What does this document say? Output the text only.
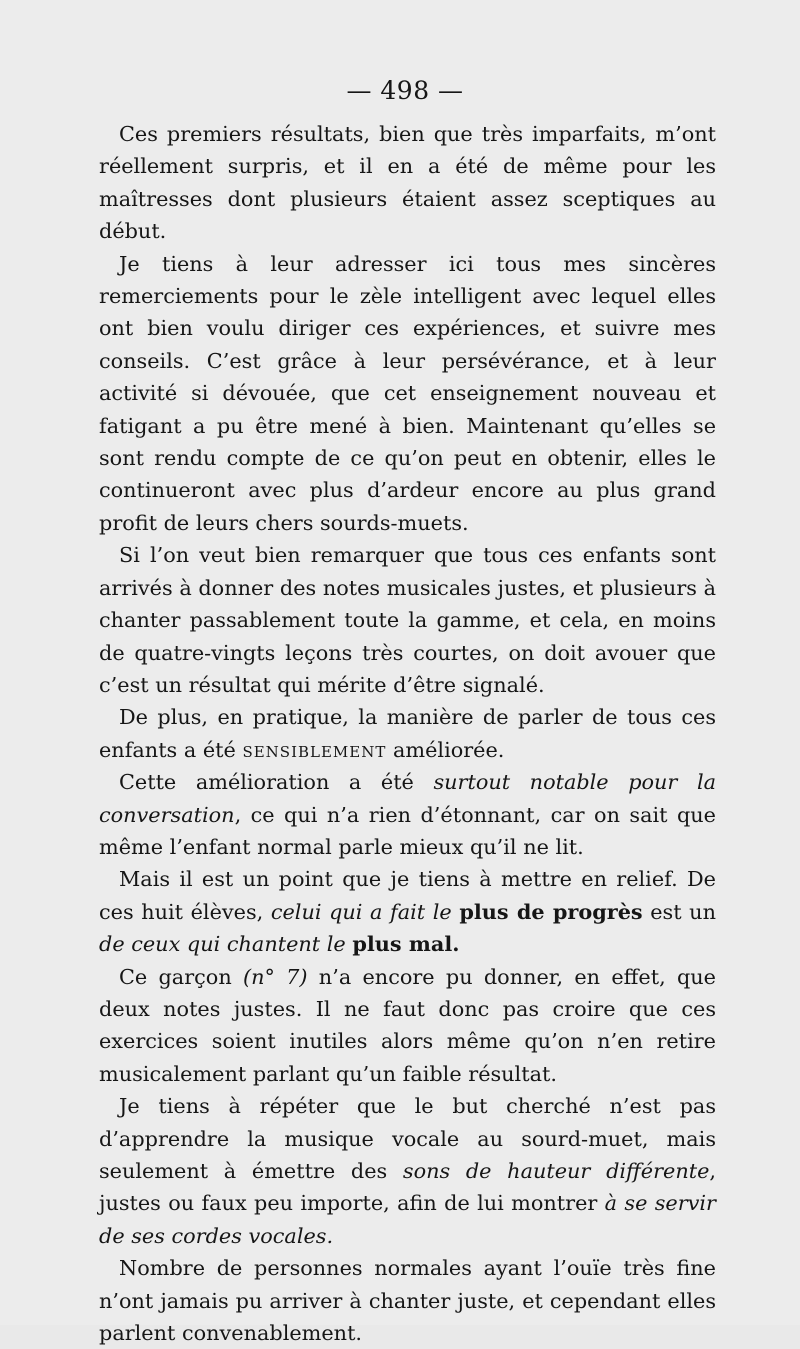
— 498 —

Ces premiers résultats, bien que très imparfaits, m’ont réellement surpris, et il en a été de même pour les maîtresses dont plusieurs étaient assez sceptiques au début.

Je tiens à leur adresser ici tous mes sincères remerciements pour le zèle intelligent avec lequel elles ont bien voulu diriger ces expériences, et suivre mes conseils. C’est grâce à leur persévérance, et à leur activité si dévouée, que cet enseignement nouveau et fatigant a pu être mené à bien. Maintenant qu’elles se sont rendu compte de ce qu’on peut en obtenir, elles le continueront avec plus d’ardeur encore au plus grand profit de leurs chers sourds-muets.

Si l’on veut bien remarquer que tous ces enfants sont arrivés à donner des notes musicales justes, et plusieurs à chanter passablement toute la gamme, et cela, en moins de quatre-vingts leçons très courtes, on doit avouer que c’est un résultat qui mérite d’être signalé.

De plus, en pratique, la manière de parler de tous ces enfants a été sensiblement améliorée.

Cette amélioration a été surtout notable pour la conversation, ce qui n’a rien d’étonnant, car on sait que même l’enfant normal parle mieux qu’il ne lit.

Mais il est un point que je tiens à mettre en relief. De ces huit élèves, celui qui a fait le plus de progrès est un de ceux qui chantent le plus mal.

Ce garçon (n° 7) n’a encore pu donner, en effet, que deux notes justes. Il ne faut donc pas croire que ces exercices soient inutiles alors même qu’on n’en retire musicalement parlant qu’un faible résultat.

Je tiens à répéter que le but cherché n’est pas d’apprendre la musique vocale au sourd-muet, mais seulement à émettre des sons de hauteur différente, justes ou faux peu importe, afin de lui montrer à se servir de ses cordes vocales.

Nombre de personnes normales ayant l’ouïe très fine n’ont jamais pu arriver à chanter juste, et cependant elles parlent convenablement.
